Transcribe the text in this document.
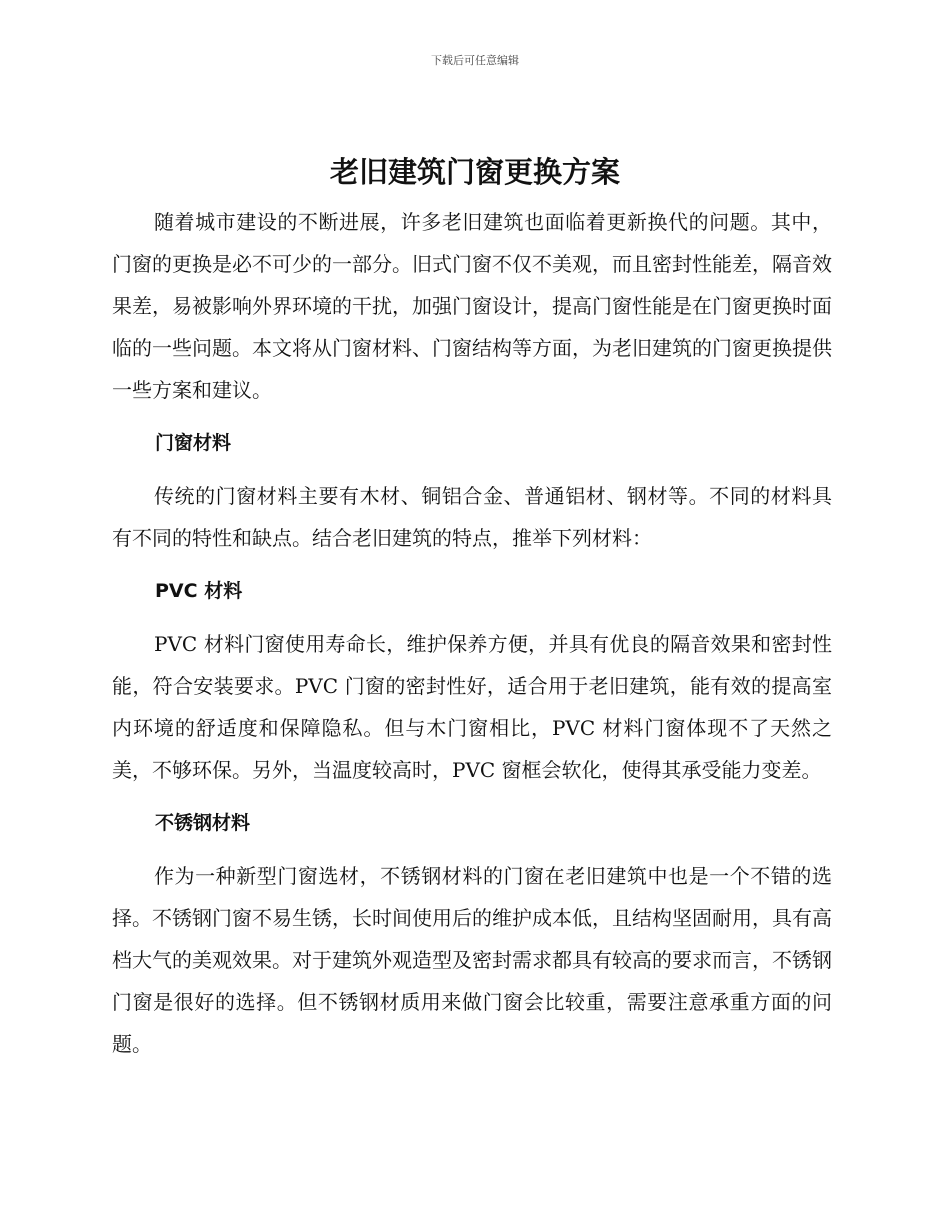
下载后可任意编辑
老旧建筑门窗更换方案

随着城市建设的不断进展，许多老旧建筑也面临着更新换代的问题。其中，门窗的更换是必不可少的一部分。旧式门窗不仅不美观，而且密封性能差，隔音效果差，易被影响外界环境的干扰，加强门窗设计，提高门窗性能是在门窗更换时面临的一些问题。本文将从门窗材料、门窗结构等方面，为老旧建筑的门窗更换提供一些方案和建议。

门窗材料

传统的门窗材料主要有木材、铜铝合金、普通铝材、钢材等。不同的材料具有不同的特性和缺点。结合老旧建筑的特点，推举下列材料：

PVC 材料

PVC 材料门窗使用寿命长，维护保养方便，并具有优良的隔音效果和密封性能，符合安装要求。PVC 门窗的密封性好，适合用于老旧建筑，能有效的提高室内环境的舒适度和保障隐私。但与木门窗相比，PVC 材料门窗体现不了天然之美，不够环保。另外，当温度较高时，PVC 窗框会软化，使得其承受能力变差。

不锈钢材料

作为一种新型门窗选材，不锈钢材料的门窗在老旧建筑中也是一个不错的选择。不锈钢门窗不易生锈，长时间使用后的维护成本低，且结构坚固耐用，具有高档大气的美观效果。对于建筑外观造型及密封需求都具有较高的要求而言，不锈钢门窗是很好的选择。但不锈钢材质用来做门窗会比较重，需要注意承重方面的问题。
